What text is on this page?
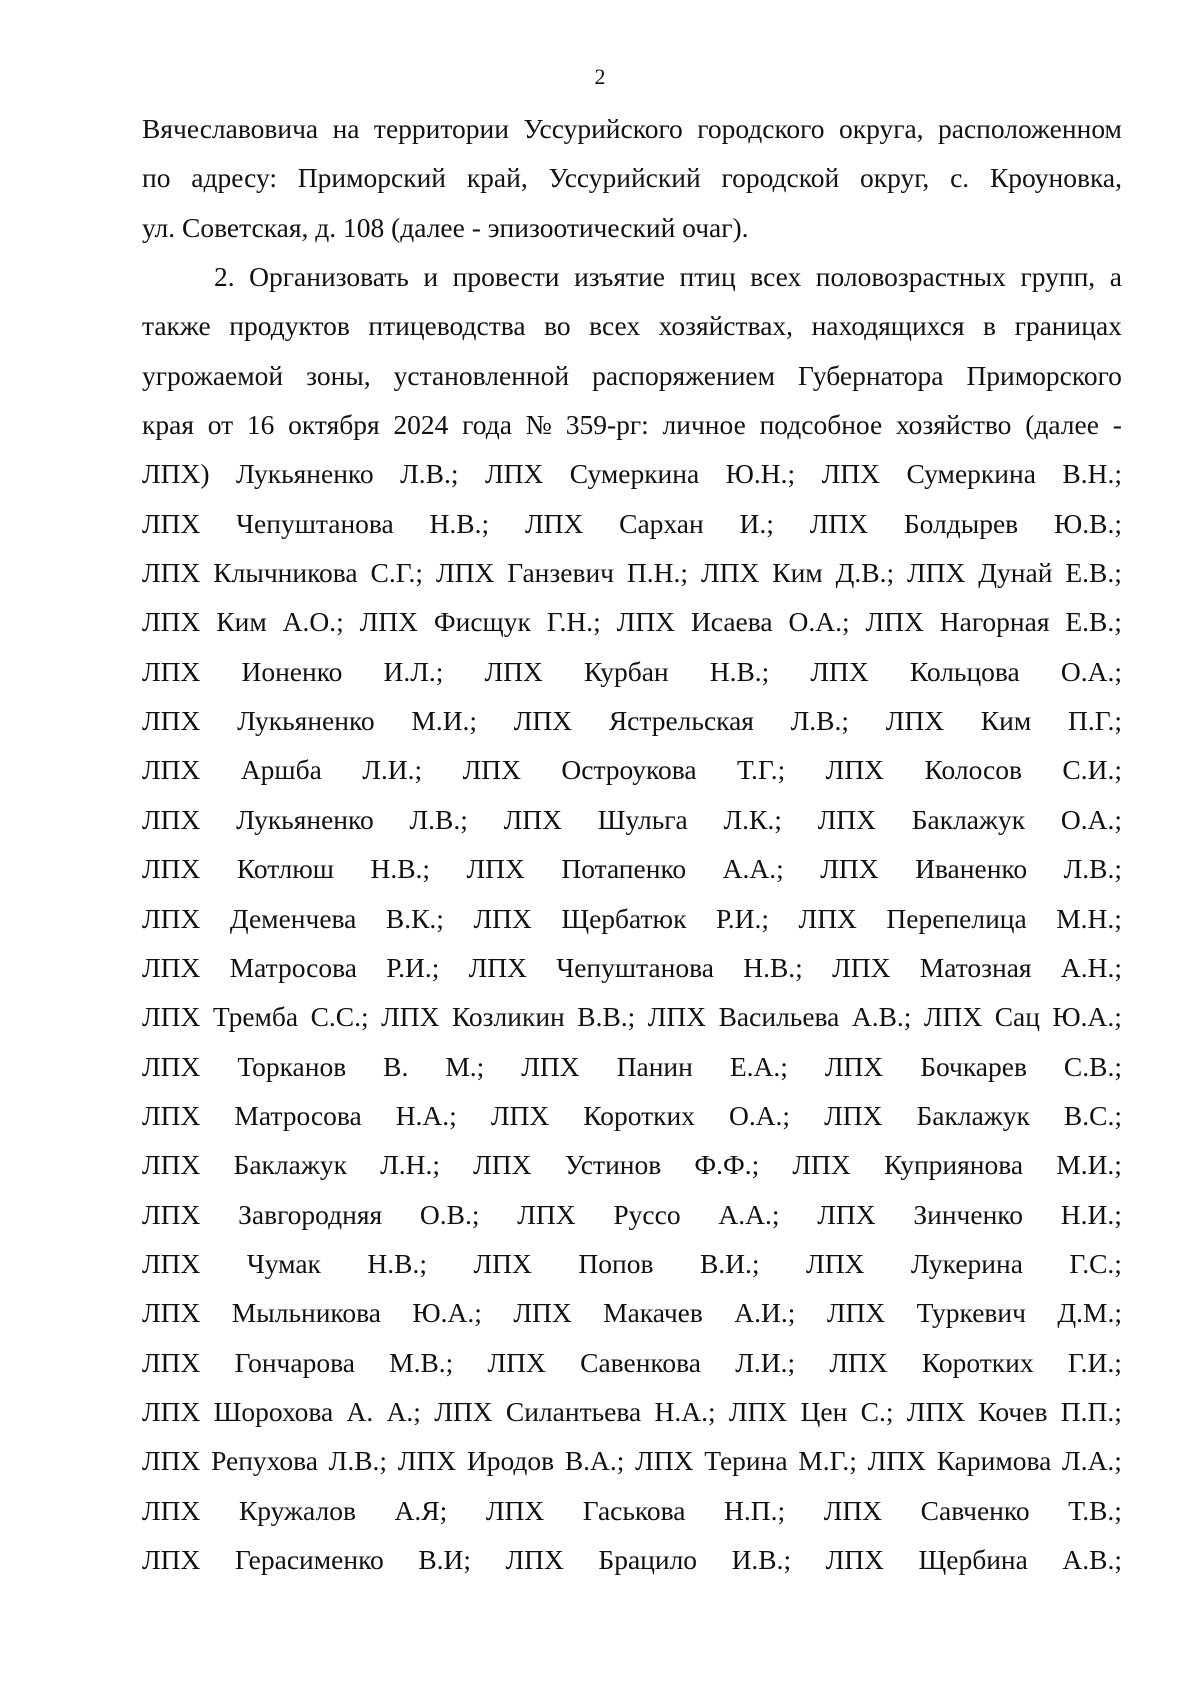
2
Вячеславовича на территории Уссурийского городского округа, расположенном
по адресу: Приморский край, Уссурийский городской округ, с. Кроуновка,
ул. Советская, д. 108 (далее - эпизоотический очаг).
2. Организовать и провести изъятие птиц всех половозрастных групп, а
также продуктов птицеводства во всех хозяйствах, находящихся в границах
угрожаемой зоны, установленной распоряжением Губернатора Приморского
края от 16 октября 2024 года № 359-рг: личное подсобное хозяйство (далее -
ЛПХ) Лукьяненко Л.В.; ЛПХ Сумеркина Ю.Н.; ЛПХ Сумеркина В.Н.;
ЛПХ Чепуштанова Н.В.; ЛПХ Сархан И.; ЛПХ Болдырев Ю.В.;
ЛПХ Клычникова С.Г.; ЛПХ Ганзевич П.Н.; ЛПХ Ким Д.В.; ЛПХ Дунай Е.В.;
ЛПХ Ким А.О.; ЛПХ Фисщук Г.Н.; ЛПХ Исаева О.А.; ЛПХ Нагорная Е.В.;
ЛПХ Ионенко И.Л.; ЛПХ Курбан Н.В.; ЛПХ Кольцова О.А.;
ЛПХ Лукьяненко М.И.; ЛПХ Ястрельская Л.В.; ЛПХ Ким П.Г.;
ЛПХ Аршба Л.И.; ЛПХ Остроукова Т.Г.; ЛПХ Колосов С.И.;
ЛПХ Лукьяненко Л.В.; ЛПХ Шульга Л.К.; ЛПХ Баклажук О.А.;
ЛПХ Котлюш Н.В.; ЛПХ Потапенко А.А.; ЛПХ Иваненко Л.В.;
ЛПХ Деменчева В.К.; ЛПХ Щербатюк Р.И.; ЛПХ Перепелица М.Н.;
ЛПХ Матросова Р.И.; ЛПХ Чепуштанова Н.В.; ЛПХ Матозная А.Н.;
ЛПХ Тремба С.С.; ЛПХ Козликин В.В.; ЛПХ Васильева А.В.; ЛПХ Сац Ю.А.;
ЛПХ Торканов В. М.; ЛПХ Панин Е.А.; ЛПХ Бочкарев С.В.;
ЛПХ Матросова Н.А.; ЛПХ Коротких О.А.; ЛПХ Баклажук В.С.;
ЛПХ Баклажук Л.Н.; ЛПХ Устинов Ф.Ф.; ЛПХ Куприянова М.И.;
ЛПХ Завгородняя О.В.; ЛПХ Руссо А.А.; ЛПХ Зинченко Н.И.;
ЛПХ Чумак Н.В.; ЛПХ Попов В.И.; ЛПХ Лукерина Г.С.;
ЛПХ Мыльникова Ю.А.; ЛПХ Макачев А.И.; ЛПХ Туркевич Д.М.;
ЛПХ Гончарова М.В.; ЛПХ Савенкова Л.И.; ЛПХ Коротких Г.И.;
ЛПХ Шорохова А. А.; ЛПХ Силантьева Н.А.; ЛПХ Цен С.; ЛПХ Кочев П.П.;
ЛПХ Репухова Л.В.; ЛПХ Иродов В.А.; ЛПХ Терина М.Г.; ЛПХ Каримова Л.А.;
ЛПХ Кружалов А.Я; ЛПХ Гаськова Н.П.; ЛПХ Савченко Т.В.;
ЛПХ Герасименко В.И; ЛПХ Брацило И.В.; ЛПХ Щербина А.В.;
